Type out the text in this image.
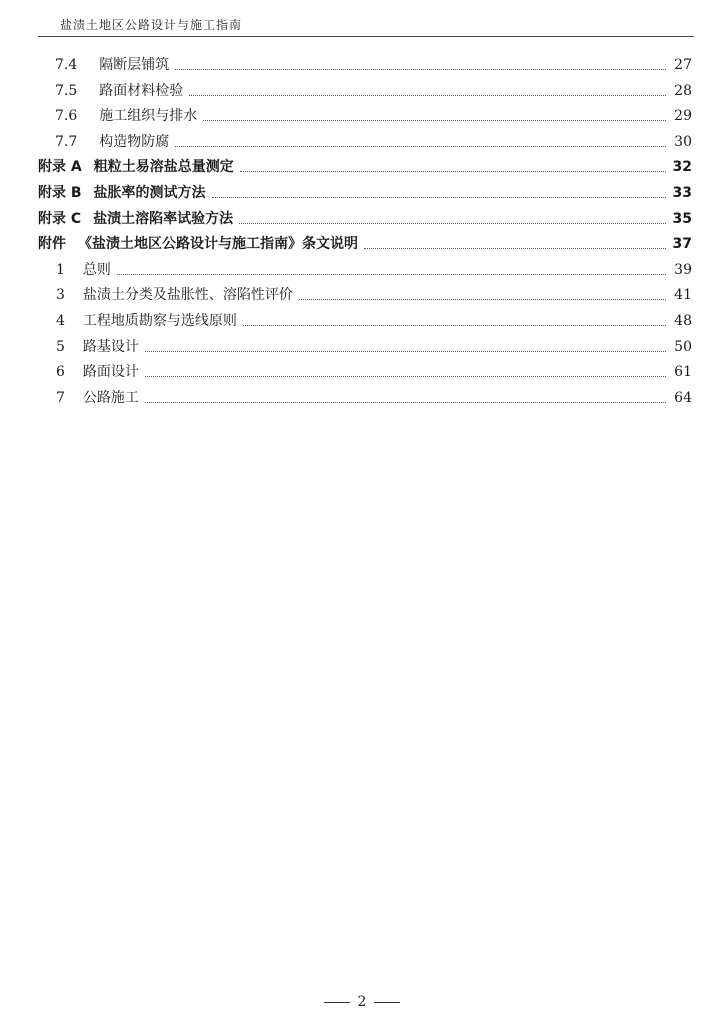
盐渍土地区公路设计与施工指南
7.4 隔断层铺筑	27
7.5 路面材料检验	28
7.6 施工组织与排水	29
7.7 构造物防腐	30
附录 A 粗粒土易溶盐总量测定	32
附录 B 盐胀率的测试方法	33
附录 C 盐渍土溶陷率试验方法	35
附件 《盐渍土地区公路设计与施工指南》条文说明	37
1 总则	39
3 盐渍土分类及盐胀性、溶陷性评价	41
4 工程地质勘察与选线原则	48
5 路基设计	50
6 路面设计	61
7 公路施工	64
2
